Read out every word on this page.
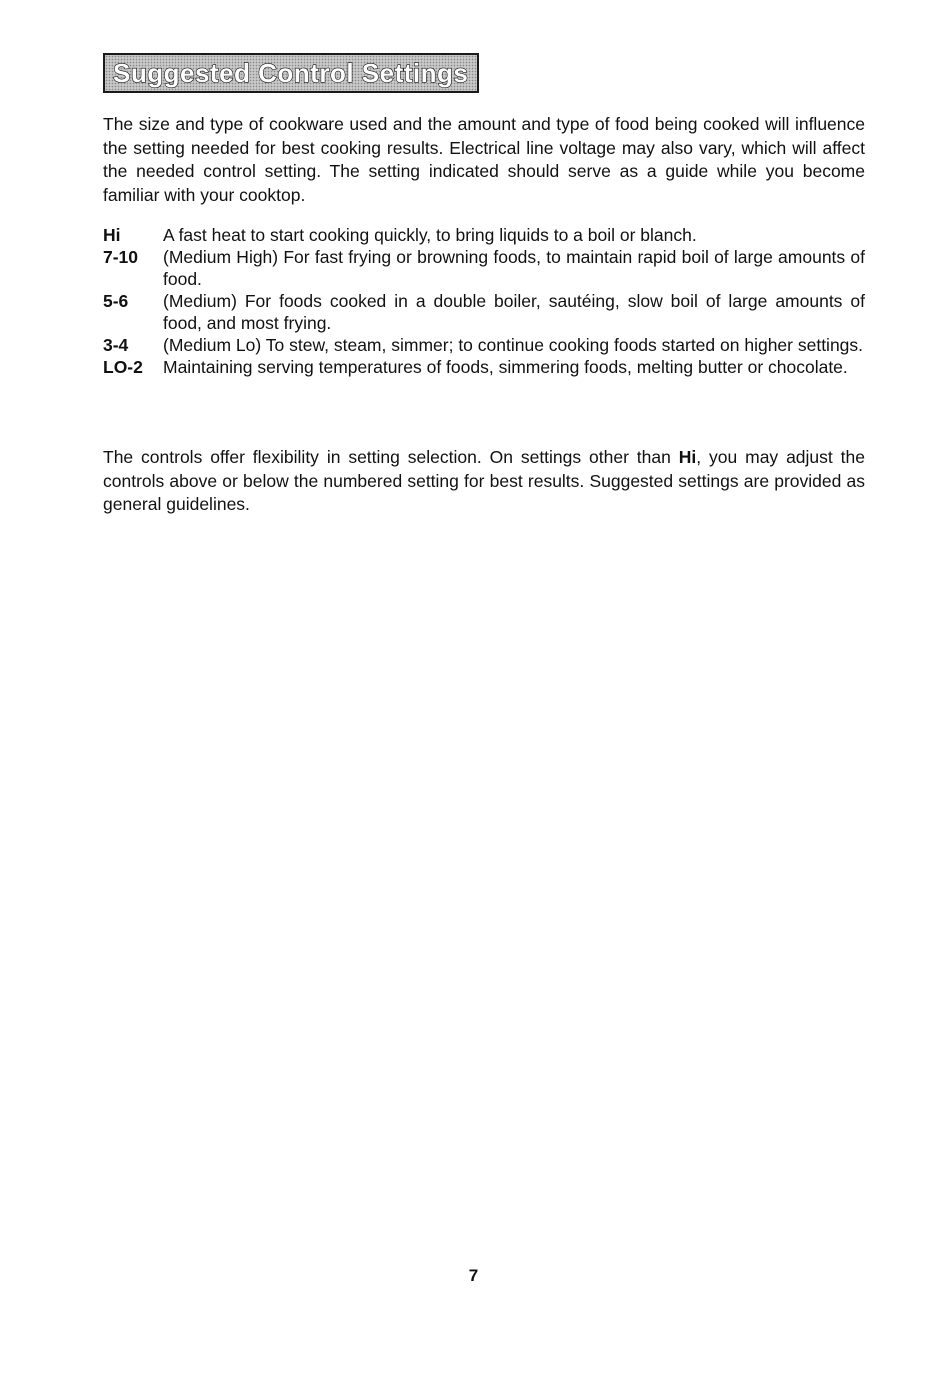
Suggested Control Settings

The size and type of cookware used and the amount and type of food being cooked will influence the setting needed for best cooking results. Electrical line voltage may also vary, which will affect the needed control setting. The setting indicated should serve as a guide while you become familiar with your cooktop.

Hi	A fast heat to start cooking quickly, to bring liquids to a boil or blanch.
7-10	(Medium High) For fast frying or browning foods, to maintain rapid boil of large amounts of food.
5-6	(Medium) For foods cooked in a double boiler, sautéing, slow boil of large amounts of food, and most frying.
3-4	(Medium Lo) To stew, steam, simmer; to continue cooking foods started on higher settings.
LO-2	Maintaining serving temperatures of foods, simmering foods, melting butter or chocolate.

The controls offer flexibility in setting selection. On settings other than Hi, you may adjust the controls above or below the numbered setting for best results. Suggested settings are provided as general guidelines.

7
